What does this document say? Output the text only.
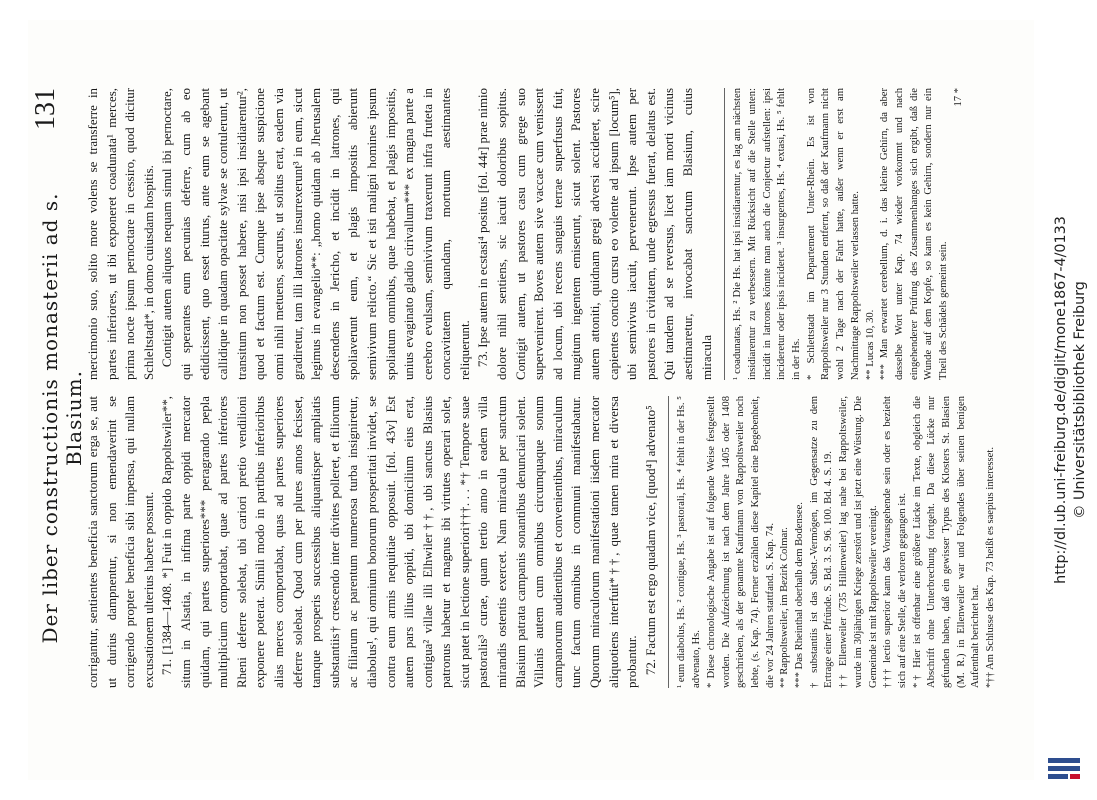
Der liber constructionis monasterii ad s. Blasium.
131

corrigantur, sentientes beneficia sanctorum erga se, aut ut durius dampnentur, si non emendaverint se corrigendo propter beneficia sibi impensa, qui nullam excusationem ulterius habere possunt. 71. [1384—1408. *] Fuit in oppido Rappoltswiler**, situm in Alsatia, in infima parte oppidi mercator quidam, qui partes superiores*** peragrando pepla multiplicium comportabat, quae ad partes inferiores Rheni deferre solebat, ubi cariori pretio vendilioni exponere poterat. Simili modo in partibus inferioribus alias merces comportabat, quas ad partes superiores deferre solebat. Quod cum per plures annos fecisset, tamque prosperis successibus aliquantisper ampliatis substantiis† crescendo inter divites polleret, et filiorum ac filiarum ac parentum numerosa turba insigniretur, diabolus¹, qui omnium bonorum prosperitati invidet, se contra eum armis nequitiae opposuit. [fol. 43v] Est autem pars illius oppidi, ubi domicilium eius erat, contigua² villae illi Elhwiler††, ubi sanctus Blasius patronus habetur et magnus ibi virtutes operari solet, sicut patet in lectione superiori†††. . . *† Tempore suae pastoralis³ curae, quam tertio anno in eadem villa mirandis ostentis exercet. Nam miracula per sanctum Blasium patrata campanis sonantibus denunciari solent. Villanis autem cum omnibus circumquaque sonum campanorum audientibus et convenientibus, miraculum tunc factum omnibus in communi manifestabatur. Quorum miraculorum manifestationi iisdem mercator aliquotiens interfuit*††, quae tamen mira et diversa probantur. 72. Factum est ergo quadam vice, [quod⁴] advenato⁵ ¹ eum diabolus, Hs. ² contigue, Hs. ³ pastorali, Hs. ⁴ fehlt in der Hs. ⁵ advenato, Hs. * Diese chronologische Angabe ist auf folgende Weise festgestellt worden. Die Aufzeichnung ist nach dem Jahre 1405 oder 1408 geschrieben, als der genannte Kaufmann von Rappoltsweiler noch lebte, (s. Kap. 74). Ferner erzählen diese Kapitel eine Begebenheit, die vor 24 Jahren stattfand. S. Kap. 74. ** Rappoltsweiler, im Bezirk Colmar. *** Das Rheinthal oberhalb dem Bodensee. † substantiis ist das Subst.-Vermögen, im Gegensatze zu dem Ertrage einer Pfründe. S. Bd. 3. S. 96. 100. Bd. 4. S. 19. †† Ellenweiler (735 Hillenweiler) lag nahe bei Rappoltsweiler, wurde im 30jährigen Kriege zerstört und ist jetzt eine Wüstung. Die Gemeinde ist mit Rappoltsweiler vereinigt. ††† lectio superior kann das Vorausgehende sein oder es bezieht sich auf eine Stelle, die verloren gegangen ist. *† Hier ist offenbar eine größere Lücke im Texte, obgleich die Abschrift ohne Unterbrechung fortgeht. Da diese Lücke nur gefunden haben, daß ein gewisser Typus des Klosters St. Blasien (M. R.) in Ellenweiler war und Folgendes über seinen benigen Aufenthalt berichtet hat. *†† Am Schlusse des Kap. 73 heißt es saepius interesset.

mercimonio suo, solito more volens se transferre in partes inferiores, ut ibi exponeret coadunata¹ merces, prima nocte ipsum pernoctare in cessiro, quod dicitur Schleltstadt*, in domo cuiusdam hospitis. Contigit autem aliquos nequam simul ibi pernoctare, qui sperantes eum pecunias deferre, cum ab eo edidicissent, quo esset iturus, ante eum se agebant callidique in quadam opacitate sylvae se contulerunt, ut transitum non posset habere, nisi ipsi insidiarentur², quod et factum est. Cumque ipse absque suspicione omni nihil metuens, securus, ut solitus erat, eadem via gradiretur, tam illi latrones insurrexerunt³ in eum, sicut legimus in evangelio**: „homo quidam ab Jherusalem descendens in Jericho, et incidit in latrones, qui spoliaverunt eum, et plagis impositis abierunt semivivum relicto.“ Sic et isti maligni homines ipsum spoliatum omnibus, quae habebat, et plagis impositis, unius evaginato gladio cirivallum*** ex magna parte a cerebro evulsam, semivivum traxerunt infra frutetа in concavitatem quandam, mortuum aestimantes reliquerunt. 73. Ipse autem in ecstasi⁴ positus [fol. 44r] prae nimio dolore nihil sentiens, sic iacuit doloribus sopitus. Contigit autem, ut pastores casu cum grege suo supervenirent. Boves autem sive vaccae cum venissent ad locum, ubi recens sanguis terrae superfusus fuit, mugitum ingentem emiserunt, sicut solent. Pastores autem attoniti, quidnam gregi adversi accideret, scire capientes concito cursu eo volente ad ipsum [locum⁵], ubi semivivus iacuit, pervenerunt. Ipse autem per pastores in civitatem, unde egressus fuerat, delatus est. Qui tandem ad se reversus, licet iam morti vicinus aestimaretur, invocabat sanctum Blasium, cuius miracula ¹ coadunatas, Hs. ² Die Hs. hat ipsi insidiarentur, es lag am nächsten insidiarentur zu verbessern. Mit Rücksicht auf die Stelle unten: incidit in latrones könnte man auch die Conjectur aufstellen: ipsi incideretur oder ipsis incideret. ³ insurgentes, Hs. ⁴ extasi, Hs. ⁵ fehlt in der Hs. * Schlettstadt im Departement Unter-Rhein. Es ist von Rappoltsweiler nur 3 Stunden entfernt, so daß der Kaufmann nicht wohl 2 Tage nach der Fahrt hatte, außer wenn er erst am Nachmittage Rappoltsweiler verlassen hatte. ** Lucas 10, 30. *** Man erwartet cerebellum, d. i. das kleine Gehirn, da aber dasselbe Wort unter Kap. 74 wieder vorkommt und nach eingehenderer Prüfung des Zusammenhanges sich ergibt, daß die Wunde auf dem Kopfe, so kann es kein Gehirn, sondern nur ein Theil des Schädels gemeint sein.

17 *

http://dl.ub.uni-freiburg.de/diglit/mone1867-4/0133 © Universitätsbibliothek Freiburg
